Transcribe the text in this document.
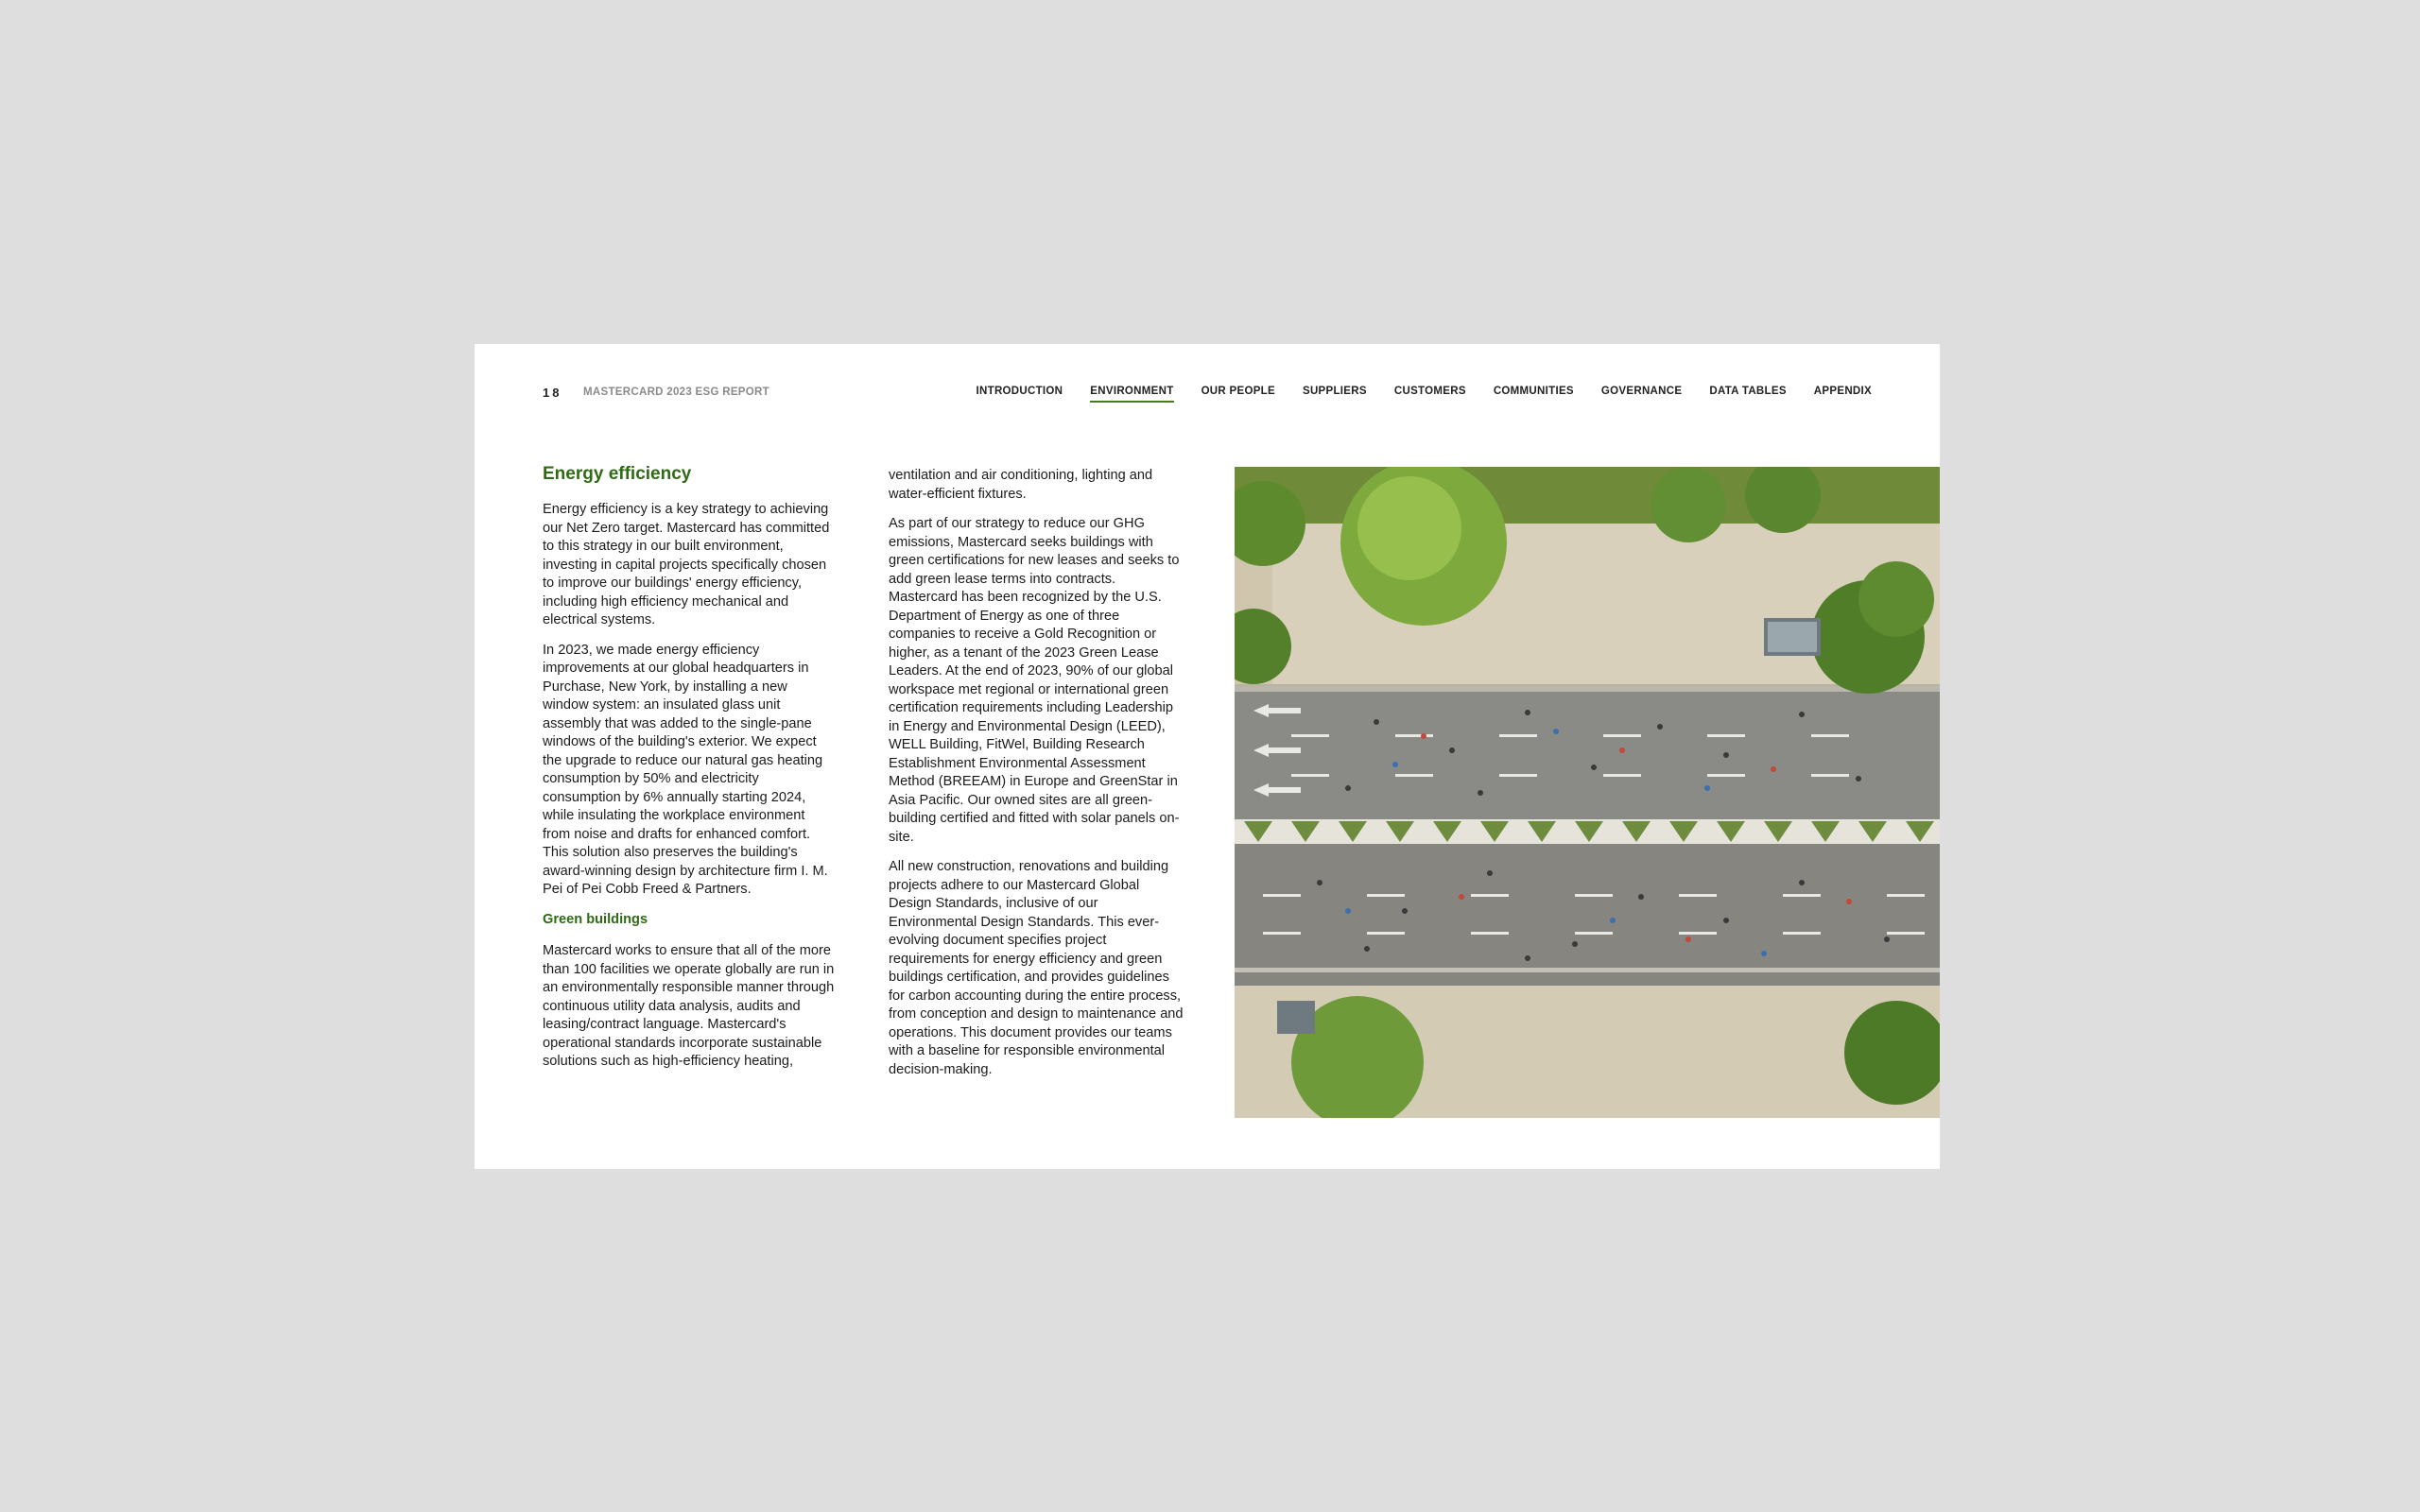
18 MASTERCARD 2023 ESG REPORT	INTRODUCTION	ENVIRONMENT	OUR PEOPLE	SUPPLIERS	CUSTOMERS	COMMUNITIES	GOVERNANCE	DATA TABLES	APPENDIX
Energy efficiency

Energy efficiency is a key strategy to achieving our Net Zero target. Mastercard has committed to this strategy in our built environment, investing in capital projects specifically chosen to improve our buildings' energy efficiency, including high efficiency mechanical and electrical systems.

In 2023, we made energy efficiency improvements at our global headquarters in Purchase, New York, by installing a new window system: an insulated glass unit assembly that was added to the single-pane windows of the building's exterior. We expect the upgrade to reduce our natural gas heating consumption by 50% and electricity consumption by 6% annually starting 2024, while insulating the workplace environment from noise and drafts for enhanced comfort. This solution also preserves the building's award-winning design by architecture firm I. M. Pei of Pei Cobb Freed & Partners.

Green buildings

Mastercard works to ensure that all of the more than 100 facilities we operate globally are run in an environmentally responsible manner through continuous utility data analysis, audits and leasing/contract language. Mastercard's operational standards incorporate sustainable solutions such as high-efficiency heating,

ventilation and air conditioning, lighting and water-efficient fixtures.

As part of our strategy to reduce our GHG emissions, Mastercard seeks buildings with green certifications for new leases and seeks to add green lease terms into contracts. Mastercard has been recognized by the U.S. Department of Energy as one of three companies to receive a Gold Recognition or higher, as a tenant of the 2023 Green Lease Leaders. At the end of 2023, 90% of our global workspace met regional or international green certification requirements including Leadership in Energy and Environmental Design (LEED), WELL Building, FitWel, Building Research Establishment Environmental Assessment Method (BREEAM) in Europe and GreenStar in Asia Pacific. Our owned sites are all green-building certified and fitted with solar panels on-site.

All new construction, renovations and building projects adhere to our Mastercard Global Design Standards, inclusive of our Environmental Design Standards. This ever-evolving document specifies project requirements for energy efficiency and green buildings certification, and provides guidelines for carbon accounting during the entire process, from conception and design to maintenance and operations. This document provides our teams with a baseline for responsible environmental decision-making.
